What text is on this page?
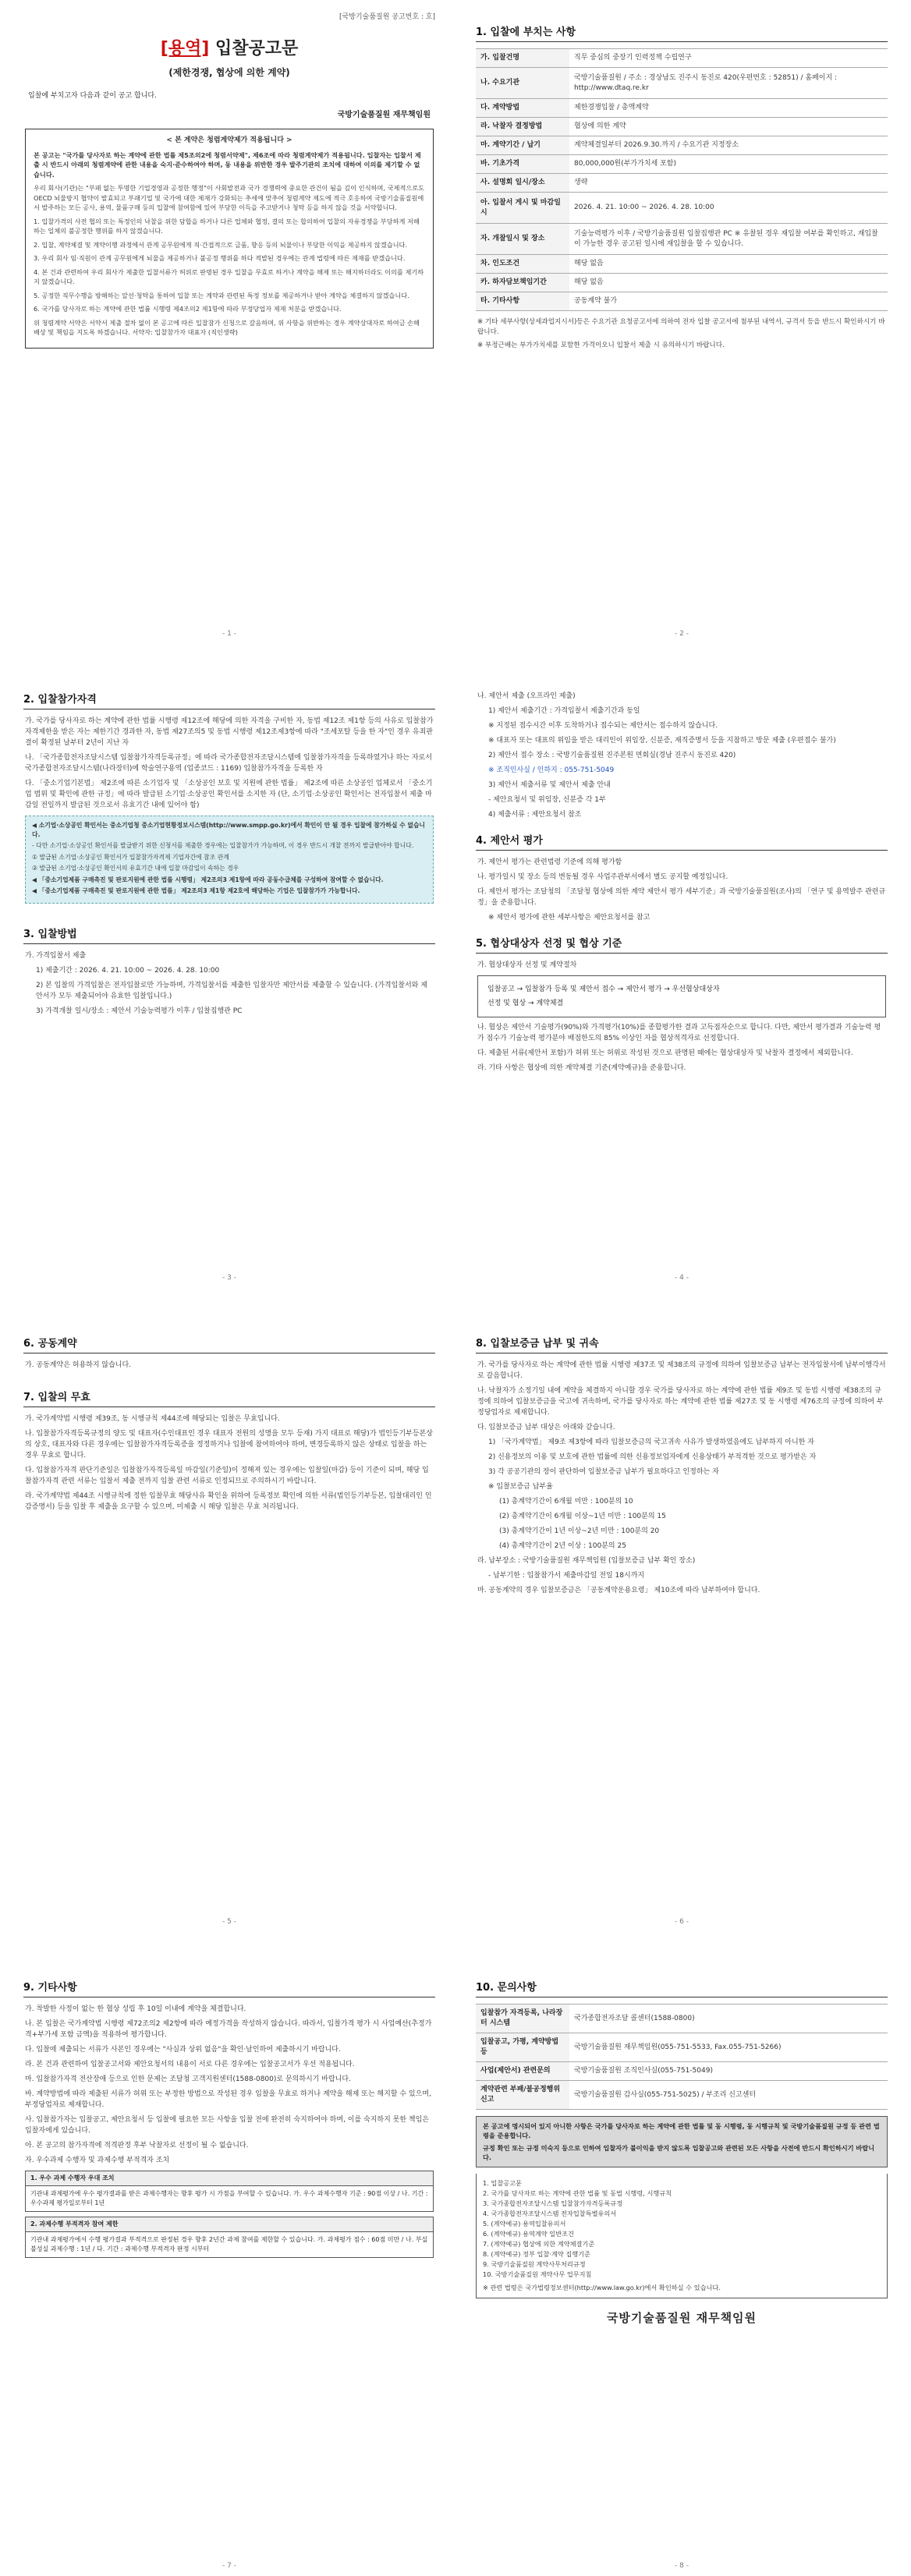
[국방기술품질원 공고번호 : 호]
[용역] 입찰공고문
(제한경쟁, 협상에 의한 계약)
입찰에 부치고자 다음과 같이 공고 합니다.
국방기술품질원 재무책임원
< 본 계약은 청렴계약제가 적용됩니다 >

본 공고는 "국가를 당사자로 하는 계약에 관한 법률 제5조의2에 청렴서약제", 제6조에 따라 청렴계약제가 적용됩니다. 입찰자는 입찰서 제출 시 반드시 아래의 청렴계약에 관한 내용을 숙지·준수하여야 하며, 동 내용을 위반한 경우 발주기관의 조치에 대하여 이의를 제기할 수 없습니다.

우리 회사(기관)는 "부패 없는 투명한 기업경영과 공정한 행정"이 사회발전과 국가 경쟁력에 중요한 관건이 됨을 깊이 인식하며, 국제적으로도 OECD 뇌물방지 협약이 발효되고 부패기업 및 국가에 대한 제재가 강화되는 추세에 맞추어 청렴계약 제도에 적극 호응하여 국방기술품질원에서 발주하는 모든 공사, 용역, 물품구매 등의 입찰에 참여함에 있어 부당한 이득을 주고받거나 청탁 등을 하지 않을 것을 서약합니다.

1. 입찰가격의 사전 협의 또는 특정인의 낙찰을 위한 담합을 하거나 다른 업체와 협정, 결의 또는 합의하여 입찰의 자유경쟁을 부당하게 저해하는 일체의 불공정한 행위를 하지 않겠습니다.

2. 입찰, 계약체결 및 계약이행 과정에서 관계 공무원에게 직·간접적으로 금품, 향응 등의 뇌물이나 부당한 이익을 제공하지 않겠습니다.

3. 우리 회사 임·직원이 관계 공무원에게 뇌물을 제공하거나 불공정 행위를 하다 적발된 경우에는 관계 법령에 따른 제재를 받겠습니다.

4. 본 건과 관련하여 우리 회사가 제출한 입찰서류가 허위로 판명된 경우 입찰을 무효로 하거나 계약을 해제 또는 해지하더라도 이의를 제기하지 않겠습니다.

5. 공정한 직무수행을 방해하는 알선·청탁을 통하여 입찰 또는 계약과 관련된 특정 정보를 제공하거나 받아 계약을 체결하지 않겠습니다.

6. 국가를 당사자로 하는 계약에 관한 법률 시행령 제4조의2 제1항에 따라 부정당업자 제재 처분을 받겠습니다.

위 청렴계약 서약은 서약서 제출 절차 없이 본 공고에 따른 입찰참가 신청으로 갈음하며, 위 사항을 위반하는 경우 계약상대자로 하여금 손해배상 및 책임을 지도록 하겠습니다. 서약자: 입찰참가자 대표자 (직인생략)

- 1 -
1. 입찰에 부치는 사항
가. 입찰건명	직무 중심의 중장기 인력정책 수립연구
나. 수요기관	국방기술품질원 / 주소 : 경상남도 진주시 동진로 420(우편번호 : 52851) / 홈페이지 : http://www.dtaq.re.kr
다. 계약방법	제한경쟁입찰 / 총액계약
라. 낙찰자 결정방법	협상에 의한 계약
마. 계약기간 / 납기	계약체결일부터 2026.9.30.까지 / 수요기관 지정장소
바. 기초가격	80,000,000원(부가가치세 포함)
사. 설명회 일시/장소	생략
아. 입찰서 게시 및 마감일시	2026. 4. 21. 10:00 ~ 2026. 4. 28. 10:00
자. 개찰일시 및 장소	기술능력평가 이후 / 국방기술품질원 입찰집행관 PC ※ 유찰된 경우 재입찰 여부를 확인하고, 재입찰이 가능한 경우 공고된 일시에 재입찰을 할 수 있습니다.
차. 인도조건	해당 없음
카. 하자담보책임기간	해당 없음
타. 기타사항	공동계약 불가

※ 기타 세부사항(상세과업지시서)등은 수요기관 요청공고서에 의하여 전자 입찰 공고서에 첨부된 내역서, 규격서 등을 반드시 확인하시기 바랍니다.

※ 부정근배는 부가가치세를 포함한 가격이오니 입찰서 제출 시 유의하시기 바랍니다.

- 2 -
2. 입찰참가자격

가. 국가를 당사자로 하는 계약에 관한 법률 시행령 제12조에 해당에 의한 자격을 구비한 자, 동법 제12조 제1항 등의 사유로 입찰참가 자격제한을 받은 자는 제한기간 경과한 자, 동법 제27조의5 및 동법 시행령 제12조제3항에 따라 "조세포탈 등을 한 자"인 경우 유죄판결이 확정된 날부터 2년이 지난 자

나. 「국가종합전자조달시스템 입찰참가자격등록규정」에 따라 국가종합전자조달시스템에 입찰참가자격을 등록하였거나 하는 자로서 국가종합전자조달시스템(나라장터)에 학술연구용역 (업종코드 : 1169) 입찰참가자격을 등록한 자

다. 「중소기업기본법」 제2조에 따른 소기업자 및 「소상공인 보호 및 지원에 관한 법률」 제2조에 따른 소상공인 업체로서 「중소기업 범위 및 확인에 관한 규정」에 따라 발급된 소기업·소상공인 확인서를 소지한 자 (단, 소기업·소상공인 확인서는 전자입찰서 제출 마감일 전일까지 발급된 것으로서 유효기간 내에 있어야 함)

◀ 소기업·소상공인 확인서는 중소기업청 중소기업현황정보시스템(http://www.smpp.go.kr)에서 확인이 안 될 경우 입찰에 참가하실 수 없습니다.

- 다만 소기업·소상공인 확인서를 발급받기 위한 신청서를 제출한 경우에는 입찰참가가 가능하며, 이 경우 반드시 개찰 전까지 발급받아야 합니다.

① 발급된 소기업·소상공인 확인서가 입찰참가자격제 기업자간에 참조 관계

② 발급된 소기업·소상공인 확인서의 유효기간 내에 입찰 마감일이 속하는 경우

◀ 「중소기업제품 구매촉진 및 판로지원에 관한 법률 시행령」 제2조의3 제1항에 따라 공동수급체를 구성하여 참여할 수 없습니다.

◀ 「중소기업제품 구매촉진 및 판로지원에 관한 법률」 제2조의3 제1항 제2호에 해당하는 기업은 입찰참가가 가능합니다.

3. 입찰방법

가. 가격입찰서 제출

1) 제출기간 : 2026. 4. 21. 10:00 ~ 2026. 4. 28. 10:00

2) 본 입찰의 가격입찰은 전자입찰로만 가능하며, 가격입찰서를 제출한 입찰자만 제안서를 제출할 수 있습니다. (가격입찰서와 제안서가 모두 제출되어야 유효한 입찰입니다.)

3) 가격개찰 일시/장소 : 제안서 기술능력평가 이후 / 입찰집행관 PC

- 3 -

나. 제안서 제출 (오프라인 제출)

1) 제안서 제출기간 : 가격입찰서 제출기간과 동일

※ 지정된 접수시간 이후 도착하거나 접수되는 제안서는 접수하지 않습니다.

※ 대표자 또는 대표의 위임을 받은 대리인이 위임장, 신분증, 재직증명서 등을 지참하고 방문 제출 (우편접수 불가)

2) 제안서 접수 장소 : 국방기술품질원 진주본원 면회실(경남 진주시 동진로 420)

※ 조직인사실 / 인하지 : 055-751-5049

3) 제안서 제출서류 및 제안서 제출 안내

- 제안요청서 및 위임장, 신분증 각 1부

4) 제출서류 : 제안요청서 참조

4. 제안서 평가

가. 제안서 평가는 관련법령 기준에 의해 평가함

나. 평가일시 및 장소 등의 변동될 경우 사업주관부서에서 별도 공지할 예정입니다.

다. 제안서 평가는 조달청의 「조달청 협상에 의한 계약 제안서 평가 세부기준」과 국방기술품질원(조사)의 「연구 및 용역발주 관련규정」을 준용합니다.

※ 제안서 평가에 관한 세부사항은 제안요청서를 참고

5. 협상대상자 선정 및 협상 기준

가. 협상대상자 선정 및 계약절차

입찰공고 → 입찰참가 등록 및 제안서 접수 → 제안서 평가 → 우선협상대상자
선정 및 협상 → 계약체결

나. 협상은 제안서 기술평가(90%)와 가격평가(10%)를 종합평가한 결과 고득점자순으로 합니다. 다만, 제안서 평가결과 기술능력 평가 점수가 기술능력 평가분야 배점한도의 85% 이상인 자를 협상적격자로 선정합니다.

다. 제출된 서류(제안서 포함)가 허위 또는 허위로 작성된 것으로 판명된 때에는 협상대상자 및 낙찰자 결정에서 제외합니다.

라. 기타 사항은 협상에 의한 계약체결 기준(계약예규)을 준용합니다.

- 4 -
6. 공동계약

가. 공동계약은 허용하지 않습니다.

7. 입찰의 무효

가. 국가계약법 시행령 제39조, 동 시행규칙 제44조에 해당되는 입찰은 무효입니다.

나. 입찰참가자격등록규정의 양도 및 대표자(수인대표인 경우 대표자 전원의 성명을 모두 등재) 가지 대표로 해당)가 법인등기부등본상의 상호, 대표자와 다른 경우에는 입찰참가자격등록증을 정정하거나 입찰에 참여하여야 하며, 변경등록하지 않은 상태로 입찰을 하는 경우 무효로 합니다.

다. 입찰참가자격 판단기준일은 입찰참가자격등록일 마감일(기준일)이 정해져 있는 경우에는 입찰일(마감) 등이 기준이 되며, 해당 입찰참가자격 관련 서류는 입찰서 제출 전까지 입찰 관련 서류로 인정되므로 주의하시기 바랍니다.

라. 국가계약법 제44조 시행규칙에 정한 입찰무효 해당사유 확인을 위하여 등록정보 확인에 의한 서류(법인등기부등본, 입찰대리인 인감증명서) 등을 입찰 후 제출을 요구할 수 있으며, 미제출 시 해당 입찰은 무효 처리됩니다.

- 5 -
8. 입찰보증금 납부 및 귀속

가. 국가를 당사자로 하는 계약에 관한 법률 시행령 제37조 및 제38조의 규정에 의하여 입찰보증금 납부는 전자입찰서에 납부이행각서로 갈음합니다.

나. 낙찰자가 소정기일 내에 계약을 체결하지 아니할 경우 국가를 당사자로 하는 계약에 관한 법률 제9조 및 동법 시행령 제38조의 규정에 의하여 입찰보증금을 국고에 귀속하며, 국가를 당사자로 하는 계약에 관한 법률 제27조 및 동 시행령 제76조의 규정에 의하여 부정당업자로 제재합니다.

다. 입찰보증금 납부 대상은 아래와 같습니다.

1) 「국가계약법」 제9조 제3항에 따라 입찰보증금의 국고귀속 사유가 발생하였음에도 납부하지 아니한 자

2) 신용정보의 이용 및 보호에 관한 법률에 의한 신용정보업자에게 신용상태가 부적격한 것으로 평가받은 자

3) 각 공공기관의 장이 판단하여 입찰보증금 납부가 필요하다고 인정하는 자

※ 입찰보증금 납부율

(1) 총계약기간이 6개월 미만 : 100분의 10

(2) 총계약기간이 6개월 이상~1년 미만 : 100분의 15

(3) 총계약기간이 1년 이상~2년 미만 : 100분의 20

(4) 총계약기간이 2년 이상 : 100분의 25

라. 납부장소 : 국방기술품질원 재무책임원 (입찰보증금 납부 확인 장소)

- 납부기한 : 입찰참가서 제출마감일 전일 18시까지

마. 공동계약의 경우 입찰보증금은 「공동계약운용요령」 제10조에 따라 납부하여야 합니다.

- 6 -
9. 기타사항

가. 착발한 사정이 없는 한 협상 성립 후 10일 이내에 계약을 체결합니다.

나. 본 입찰은 국가계약법 시행령 제72조의2 제2항에 따라 예정가격을 작성하지 않습니다. 따라서, 입찰가격 평가 시 사업예산(추정가격+부가세 포함 금액)을 적용하여 평가합니다.

다. 입찰에 제출되는 서류가 사본인 경우에는 "사실과 상위 없음"을 확인·날인하여 제출하시기 바랍니다.

라. 본 건과 관련하여 입찰공고서와 제안요청서의 내용이 서로 다른 경우에는 입찰공고서가 우선 적용됩니다.

마. 입찰참가자격 전산장애 등으로 인한 문제는 조달청 고객지원센터(1588-0800)로 문의하시기 바랍니다.

바. 계약방법에 따라 제출된 서류가 허위 또는 부정한 방법으로 작성된 경우 입찰을 무효로 하거나 계약을 해제 또는 해지할 수 있으며, 부정당업자로 제재합니다.

사. 입찰참가자는 입찰공고, 제안요청서 등 입찰에 필요한 모든 사항을 입찰 전에 완전히 숙지하여야 하며, 이를 숙지하지 못한 책임은 입찰자에게 있습니다.

아. 본 공고의 참가자격에 적격판정 후부 낙찰자로 선정이 될 수 없습니다.

자. 우수과제 수행자 및 과제수행 부적격자 조치

1. 우수 과제 수행자 우대 조치
기관내 과제평가에 우수 평가결과를 받은 과제수행자는 향후 평가 시 가점을 부여할 수 있습니다. 가. 우수 과제수행자 기준 : 90점 이상 / 나. 기간 : 우수과제 평가일로부터 1년
2. 과제수행 부적격자 참여 제한
기관내 과제평가에서 수행 평가결과 부적격으로 판정된 경우 향후 2년간 과제 참여를 제한할 수 있습니다. 가. 과제평가 점수 : 60점 미만 / 나. 부실 불성실 과제수행 : 1년 / 다. 기간 : 과제수행 부적격자 판정 시부터
- 7 -
10. 문의사항
입찰참가 자격등록, 나라장터 시스템	국가종합전자조달 콜센터(1588-0800)
입찰공고, 가평, 계약방법 등	국방기술품질원 재무책임원(055-751-5533, Fax.055-751-5266)
사업(제안서) 관련문의	국방기술품질원 조직인사실(055-751-5049)
계약관련 부패/불공정행위 신고	국방기술품질원 감사실(055-751-5025) / 부조리 신고센터
본 공고에 명시되어 있지 아니한 사항은 국가를 당사자로 하는 계약에 관한 법률 및 동 시행령, 동 시행규칙 및 국방기술품질원 규정 등 관련 법령을 준용합니다.
규정 확인 또는 규정 미숙지 등으로 인하여 입찰자가 불이익을 받지 않도록 입찰공고와 관련된 모든 사항을 사전에 반드시 확인하시기 바랍니다.
1. 입찰공고문
2. 국가를 당사자로 하는 계약에 관한 법률 및 동법 시행령, 시행규칙
3. 국가종합전자조달시스템 입찰참가자격등록규정
4. 국가종합전자조달시스템 전자입찰특별유의서
5. (계약예규) 용역입찰유의서
6. (계약예규) 용역계약 일반조건
7. (계약예규) 협상에 의한 계약체결기준
8. (계약예규) 정부 입찰·계약 집행기준
9. 국방기술품질원 계약사무처리규정
10. 국방기술품질원 계약사무 업무지침
※ 관련 법령은 국가법령정보센터(http://www.law.go.kr)에서 확인하실 수 있습니다.
국방기술품질원 재무책임원
- 8 -
